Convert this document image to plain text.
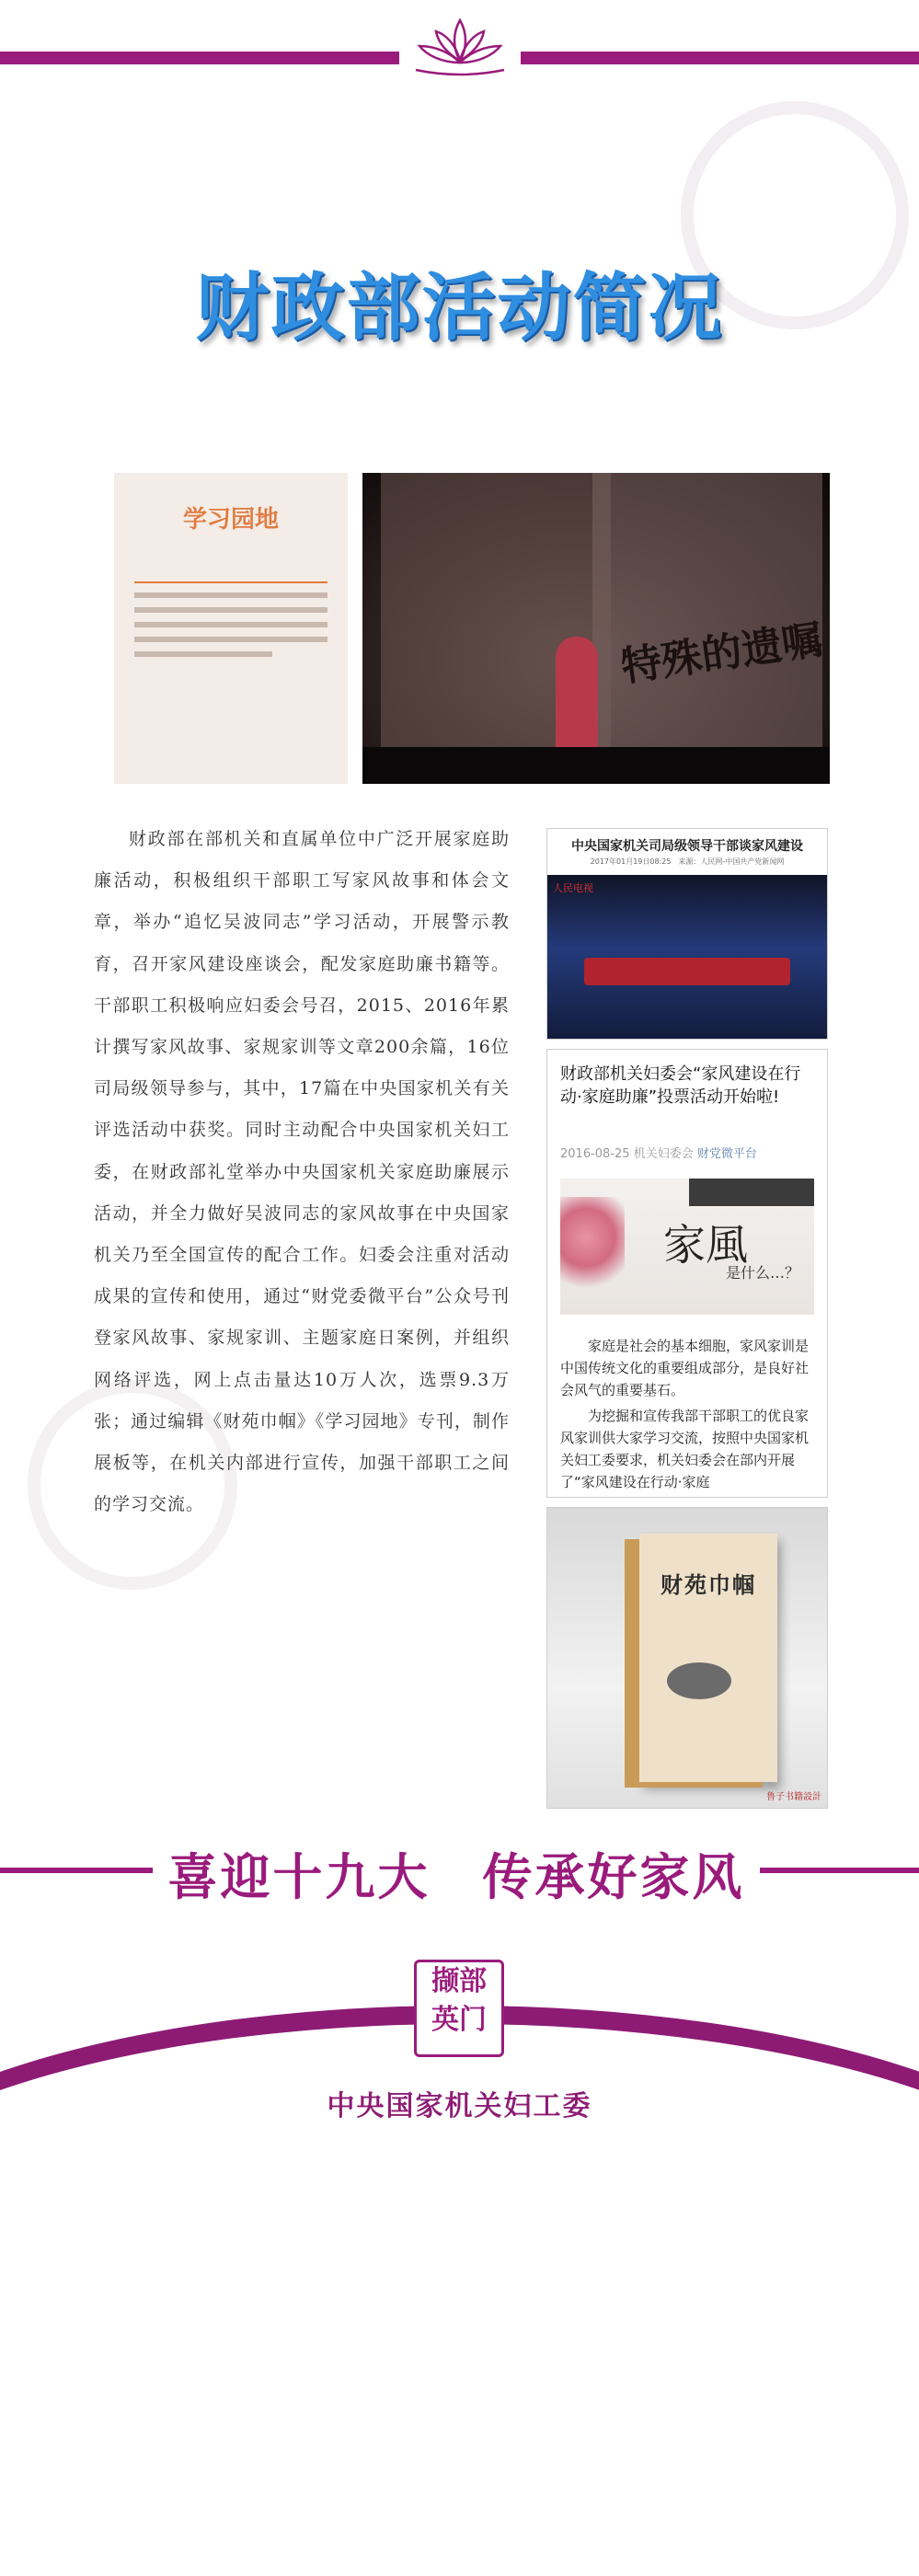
财政部活动简况
学习园地
特殊的遗嘱
财政部在部机关和直属单位中广泛开展家庭助廉活动，积极组织干部职工写家风故事和体会文章，举办“追忆吴波同志”学习活动，开展警示教育，召开家风建设座谈会，配发家庭助廉书籍等。干部职工积极响应妇委会号召，2015、2016年累计撰写家风故事、家规家训等文章200余篇，16位司局级领导参与，其中，17篇在中央国家机关有关评选活动中获奖。同时主动配合中央国家机关妇工委，在财政部礼堂举办中央国家机关家庭助廉展示活动，并全力做好吴波同志的家风故事在中央国家机关乃至全国宣传的配合工作。妇委会注重对活动成果的宣传和使用，通过“财党委微平台”公众号刊登家风故事、家规家训、主题家庭日案例，并组织网络评选，网上点击量达10万人次，选票9.3万张；通过编辑《财苑巾帼》《学习园地》专刊，制作展板等，在机关内部进行宣传，加强干部职工之间的学习交流。
中央国家机关司局级领导干部谈家风建设
2017年01月19日08:25　来源：人民网-中国共产党新闻网
人民电视
财政部机关妇委会“家风建设在行动·家庭助廉”投票活动开始啦!
2016-08-25 机关妇委会 财党微平台
家風
是什么…？
家庭是社会的基本细胞，家风家训是中国传统文化的重要组成部分，是良好社会风气的重要基石。
为挖掘和宣传我部干部职工的优良家风家训供大家学习交流，按照中央国家机关妇工委要求，机关妇委会在部内开展了“家风建设在行动·家庭
财苑巾帼
鲁子书籍設計
喜迎十九大　传承好家风
撷部
英门
中央国家机关妇工委
